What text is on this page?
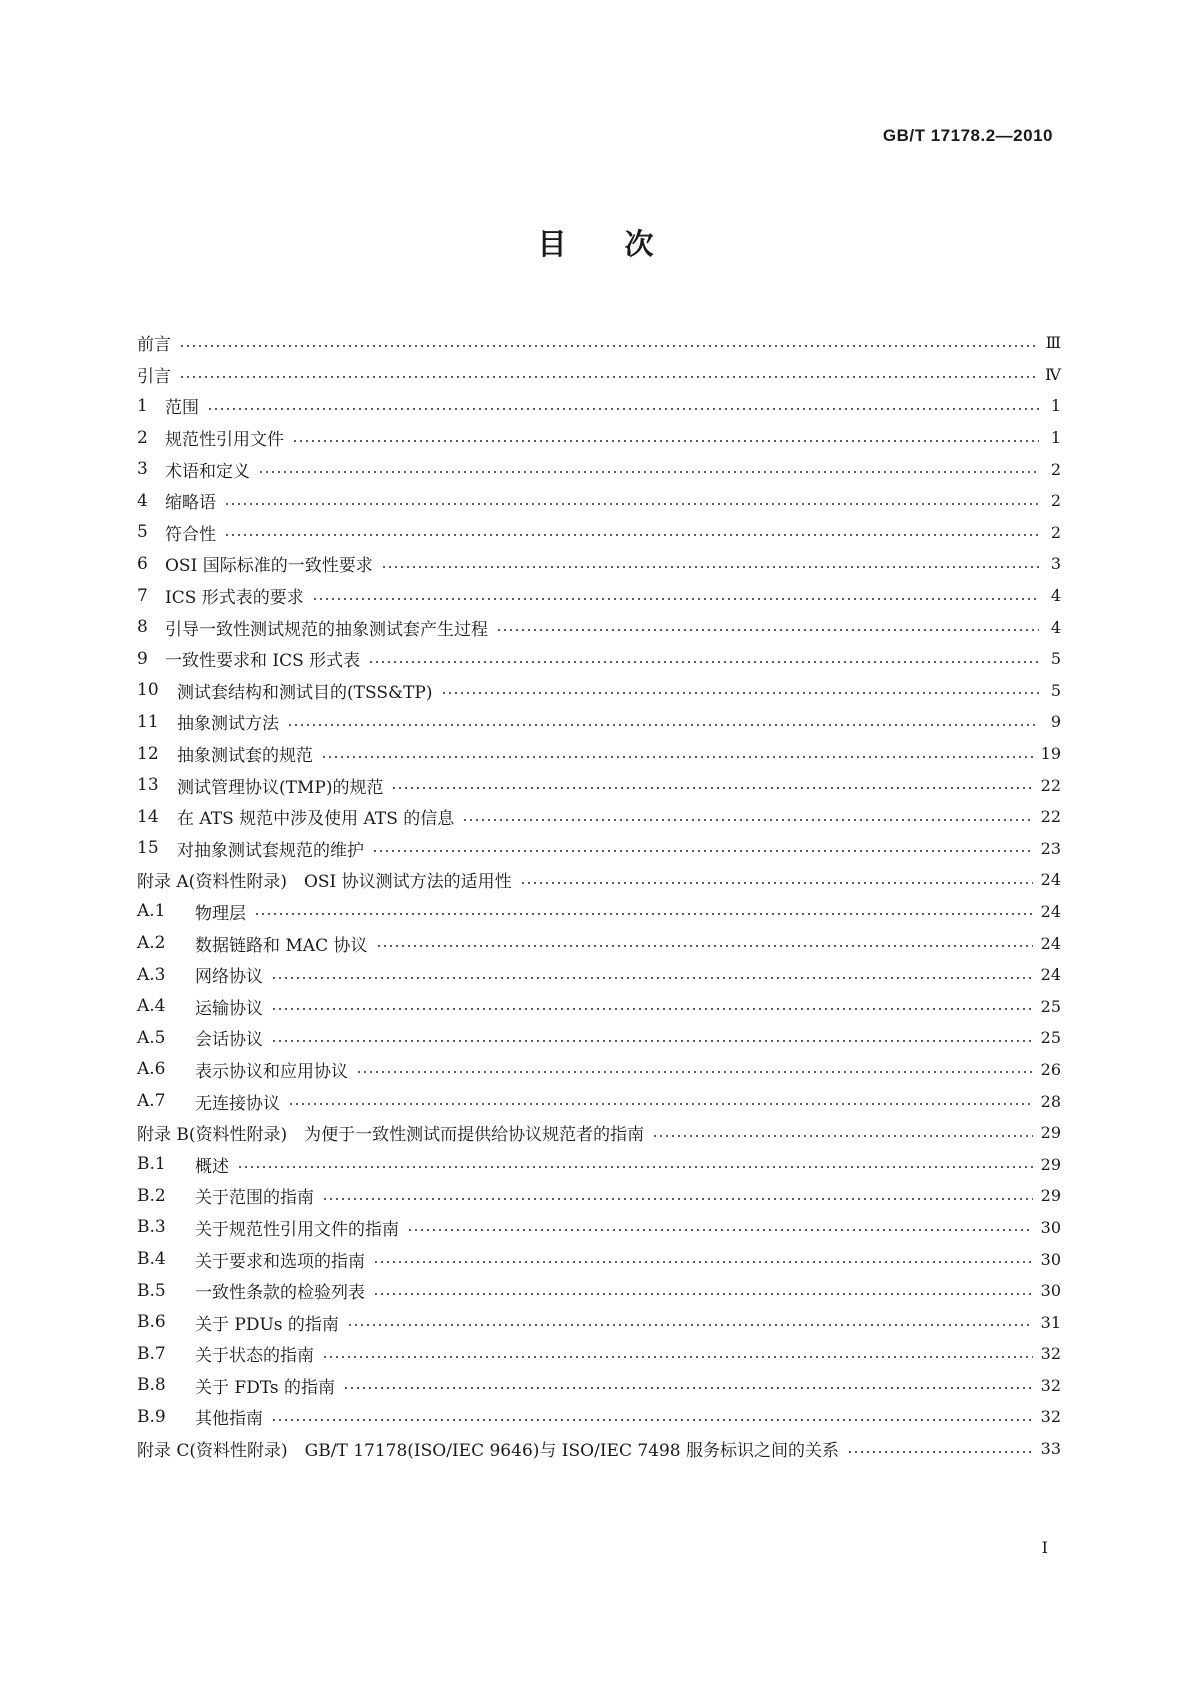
GB/T 17178.2—2010
目 次
前言	Ⅲ
引言	Ⅳ
1	范围	1
2	规范性引用文件	1
3	术语和定义	2
4	缩略语	2
5	符合性	2
6	OSI 国际标准的一致性要求	3
7	ICS 形式表的要求	4
8	引导一致性测试规范的抽象测试套产生过程	4
9	一致性要求和 ICS 形式表	5
10	测试套结构和测试目的(TSS&TP)	5
11	抽象测试方法	9
12	抽象测试套的规范	19
13	测试管理协议(TMP)的规范	22
14	在 ATS 规范中涉及使用 ATS 的信息	22
15	对抽象测试套规范的维护	23
附录 A(资料性附录)　OSI 协议测试方法的适用性	24
A.1	物理层	24
A.2	数据链路和 MAC 协议	24
A.3	网络协议	24
A.4	运输协议	25
A.5	会话协议	25
A.6	表示协议和应用协议	26
A.7	无连接协议	28
附录 B(资料性附录)　为便于一致性测试而提供给协议规范者的指南	29
B.1	概述	29
B.2	关于范围的指南	29
B.3	关于规范性引用文件的指南	30
B.4	关于要求和选项的指南	30
B.5	一致性条款的检验列表	30
B.6	关于 PDUs 的指南	31
B.7	关于状态的指南	32
B.8	关于 FDTs 的指南	32
B.9	其他指南	32
附录 C(资料性附录)　GB/T 17178(ISO/IEC 9646)与 ISO/IEC 7498 服务标识之间的关系	33
I
